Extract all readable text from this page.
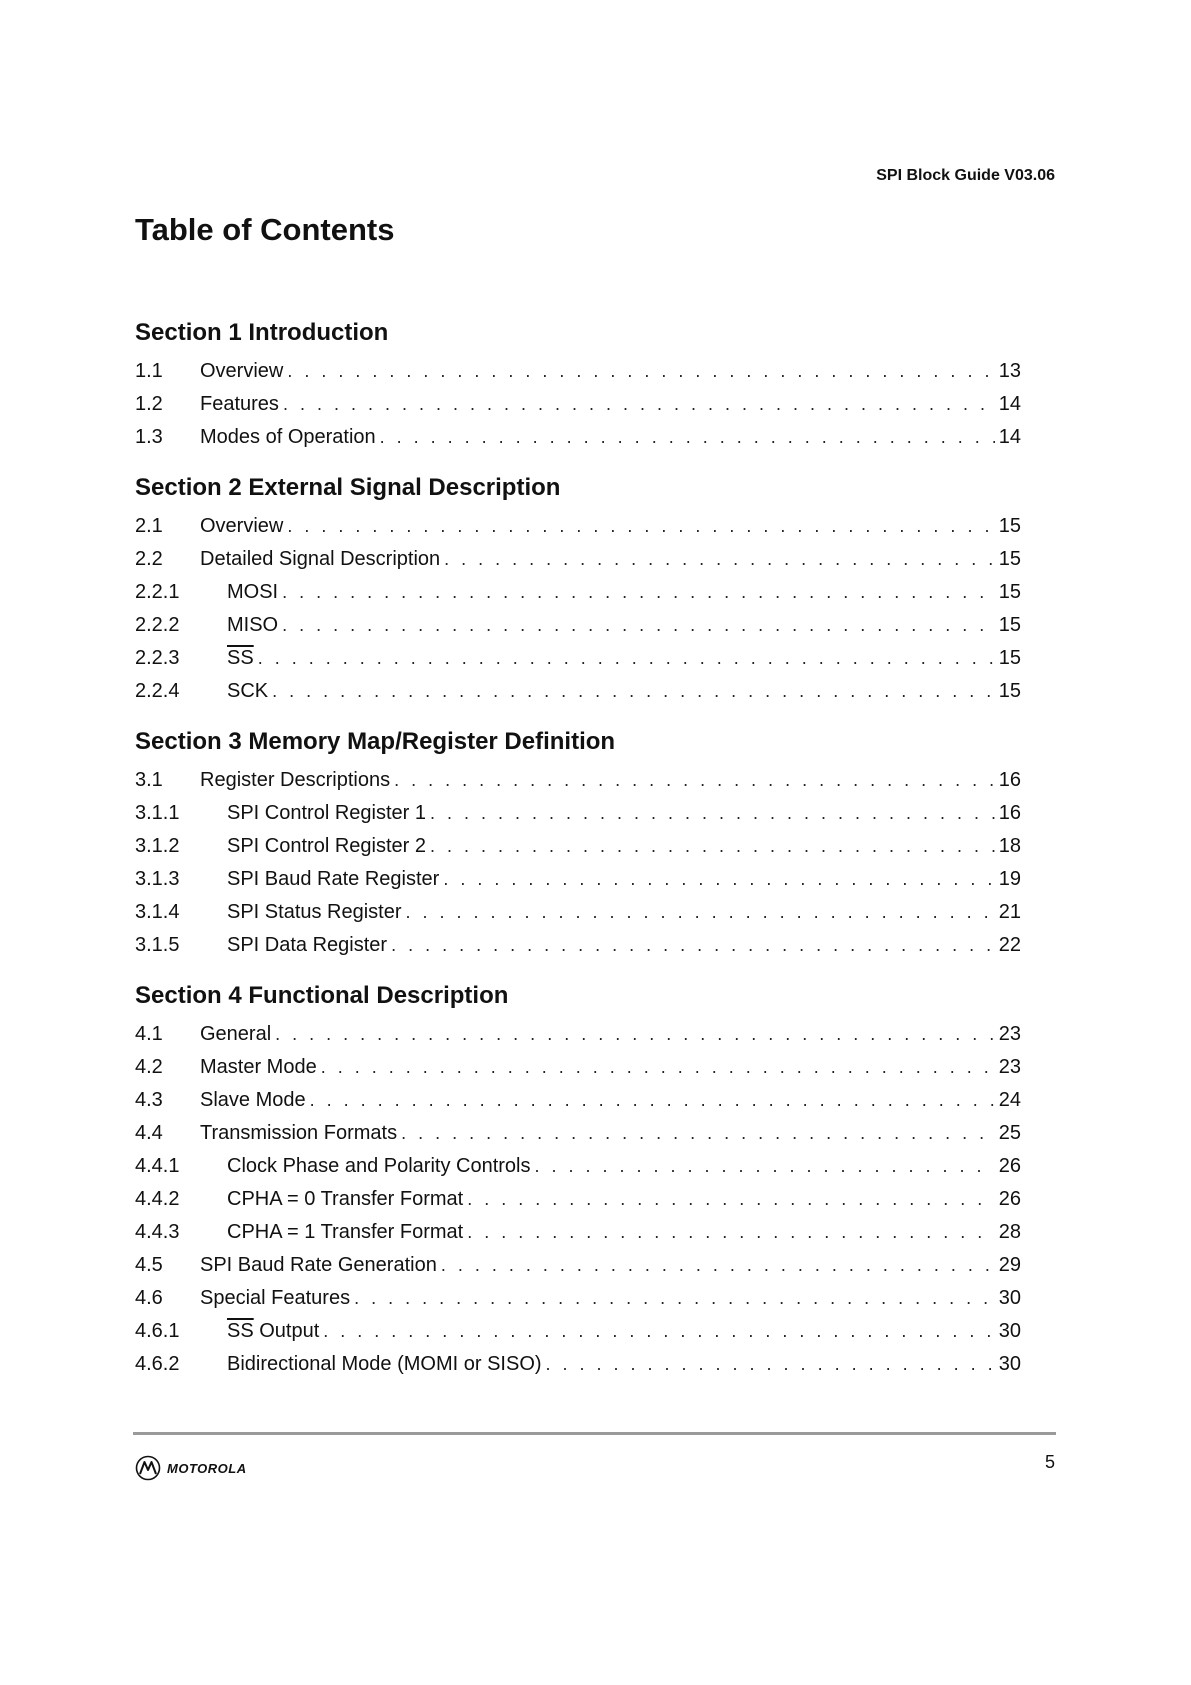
SPI Block Guide V03.06
Table of Contents
Section 1 Introduction
1.1	Overview . . .	13
1.2	Features . . .	14
1.3	Modes of Operation . . .	14
Section 2 External Signal Description
2.1	Overview . . .	15
2.2	Detailed Signal Description . . .	15
2.2.1	MOSI . . .	15
2.2.2	MISO . . .	15
2.2.3	$\overline{SS}$ . . .	15
2.2.4	SCK . . .	15
Section 3 Memory Map/Register Definition
3.1	Register Descriptions . . .	16
3.1.1	SPI Control Register 1 . . .	16
3.1.2	SPI Control Register 2 . . .	18
3.1.3	SPI Baud Rate Register . . .	19
3.1.4	SPI Status Register . . .	21
3.1.5	SPI Data Register . . .	22
Section 4 Functional Description
4.1	General . . .	23
4.2	Master Mode . . .	23
4.3	Slave Mode . . .	24
4.4	Transmission Formats . . .	25
4.4.1	Clock Phase and Polarity Controls . . .	26
4.4.2	CPHA = 0 Transfer Format . . .	26
4.4.3	CPHA = 1 Transfer Format . . .	28
4.5	SPI Baud Rate Generation . . .	29
4.6	Special Features . . .	30
4.6.1	$\overline{SS}$ Output . . .	30
4.6.2	Bidirectional Mode (MOMI or SISO) . . .	30
MOTOROLA	5
